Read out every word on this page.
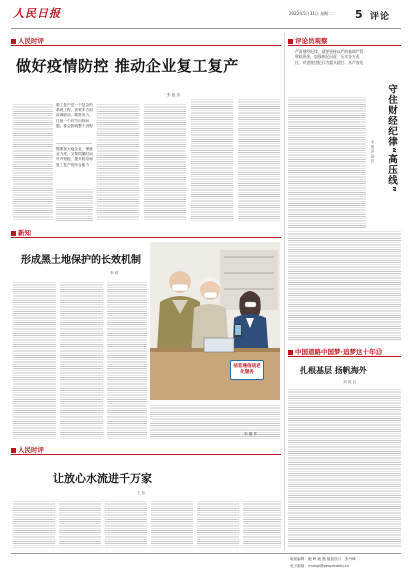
人民日报	2022年5月31日 星期二 5 评论
人民时评
做好疫情防控 推动企业复工复产
张 毅 清
做工复产是一个复杂的系统工程，需要多方面协调联动、精准发力。任何一个环节出现问题，都会影响整个进程
既要加大稳企业、保就业力度，又要抓紧时间补齐短板，提升防疫和复工复产的综合能力
新知
形成黑土地保护的长效机制
李 莉
信息通信适老化服务
李 刚 作
人民时评
让放心水流进千万家
王 东
评论员观察
严肃财经纪律，就要坚持以严的基调严管财政资金，加强执纪问责，压实各方责任，对违规违纪行为露头就打、从严查处
守住财经纪律“高压线”
本 报 评 论 员
中国道路中国梦·追梦这十年⑬
扎根基层 扬帆海外
刘 成 良
版面编辑：鲍 晖 耿 磊 版面设计：张丹峰
电子邮箱：rmrbpl@peopledaily.cn
